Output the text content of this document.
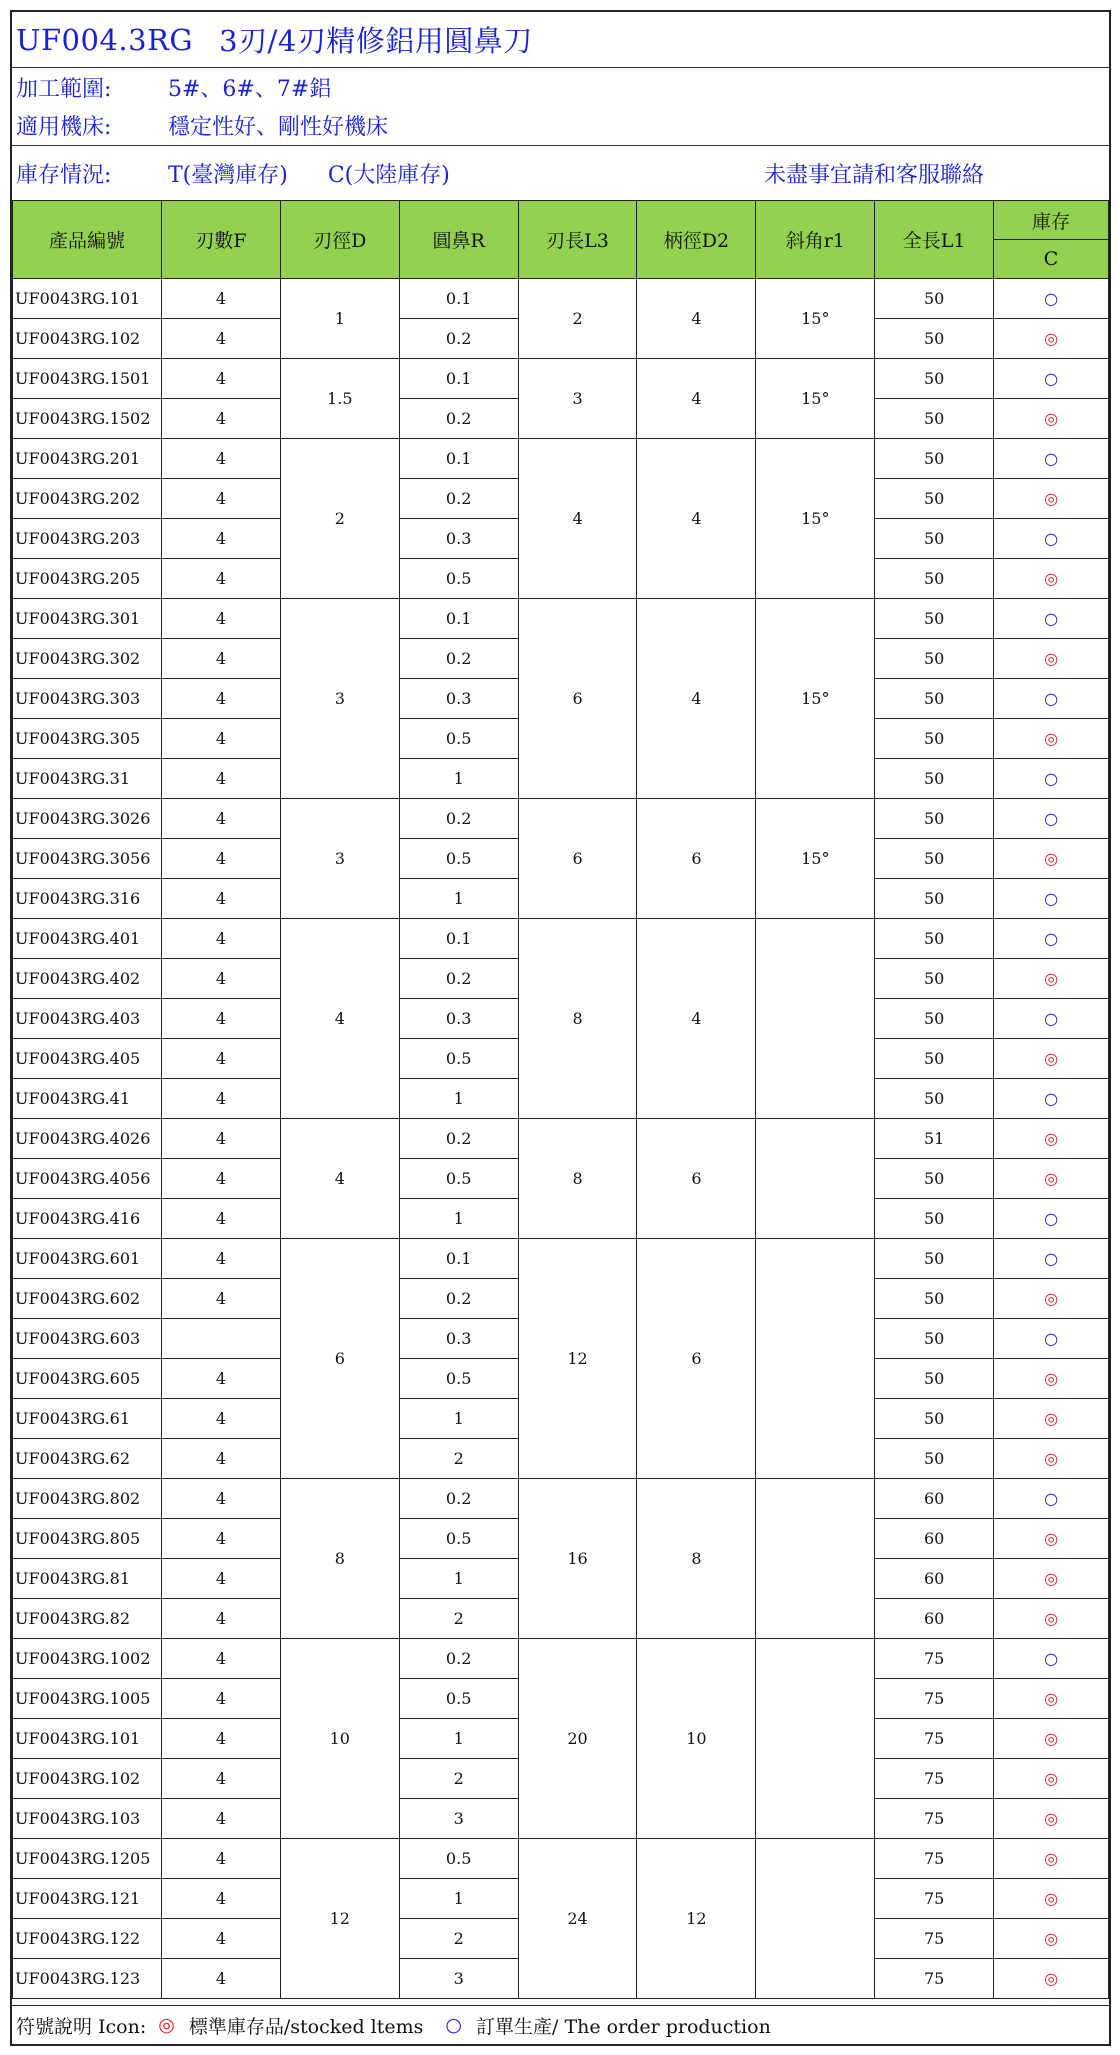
UF004.3RG 3刃/4刃精修鋁用圓鼻刀
加工範圍:	5#、6#、7#鋁
適用機床:	穩定性好、剛性好機床
庫存情況:	T(臺灣庫存) C(大陸庫存)	未盡事宜請和客服聯絡
產品編號	刃數F	刃徑D	圓鼻R	刃長L3	柄徑D2	斜角r1	全長L1	庫存
								C
UF0043RG.101	4	1	0.1	2	4	15°	50	○
UF0043RG.102	4		0.2				50	◎
UF0043RG.1501	4	1.5	0.1	3	4	15°	50	○
UF0043RG.1502	4		0.2				50	◎
UF0043RG.201	4	2	0.1	4	4	15°	50	○
UF0043RG.202	4		0.2				50	◎
UF0043RG.203	4		0.3				50	○
UF0043RG.205	4		0.5				50	◎
UF0043RG.301	4	3	0.1	6	4	15°	50	○
UF0043RG.302	4		0.2				50	◎
UF0043RG.303	4		0.3				50	○
UF0043RG.305	4		0.5				50	◎
UF0043RG.31	4		1				50	○
UF0043RG.3026	4	3	0.2	6	6	15°	50	○
UF0043RG.3056	4		0.5				50	◎
UF0043RG.316	4		1				50	○
UF0043RG.401	4	4	0.1	8	4		50	○
UF0043RG.402	4		0.2				50	◎
UF0043RG.403	4		0.3				50	○
UF0043RG.405	4		0.5				50	◎
UF0043RG.41	4		1				50	○
UF0043RG.4026	4	4	0.2	8	6		51	◎
UF0043RG.4056	4		0.5				50	◎
UF0043RG.416	4		1				50	○
UF0043RG.601	4	6	0.1	12	6		50	○
UF0043RG.602	4		0.2				50	◎
UF0043RG.603			0.3				50	○
UF0043RG.605	4		0.5				50	◎
UF0043RG.61	4		1				50	◎
UF0043RG.62	4		2				50	◎
UF0043RG.802	4	8	0.2	16	8		60	○
UF0043RG.805	4		0.5				60	◎
UF0043RG.81	4		1				60	◎
UF0043RG.82	4		2				60	◎
UF0043RG.1002	4	10	0.2	20	10		75	○
UF0043RG.1005	4		0.5				75	◎
UF0043RG.101	4		1				75	◎
UF0043RG.102	4		2				75	◎
UF0043RG.103	4		3				75	◎
UF0043RG.1205	4	12	0.5	24	12		75	◎
UF0043RG.121	4		1				75	◎
UF0043RG.122	4		2				75	◎
UF0043RG.123	4		3				75	◎
符號說明 Icon: ◎ 標準庫存品/stocked ltems ○ 訂單生產/ The order production
